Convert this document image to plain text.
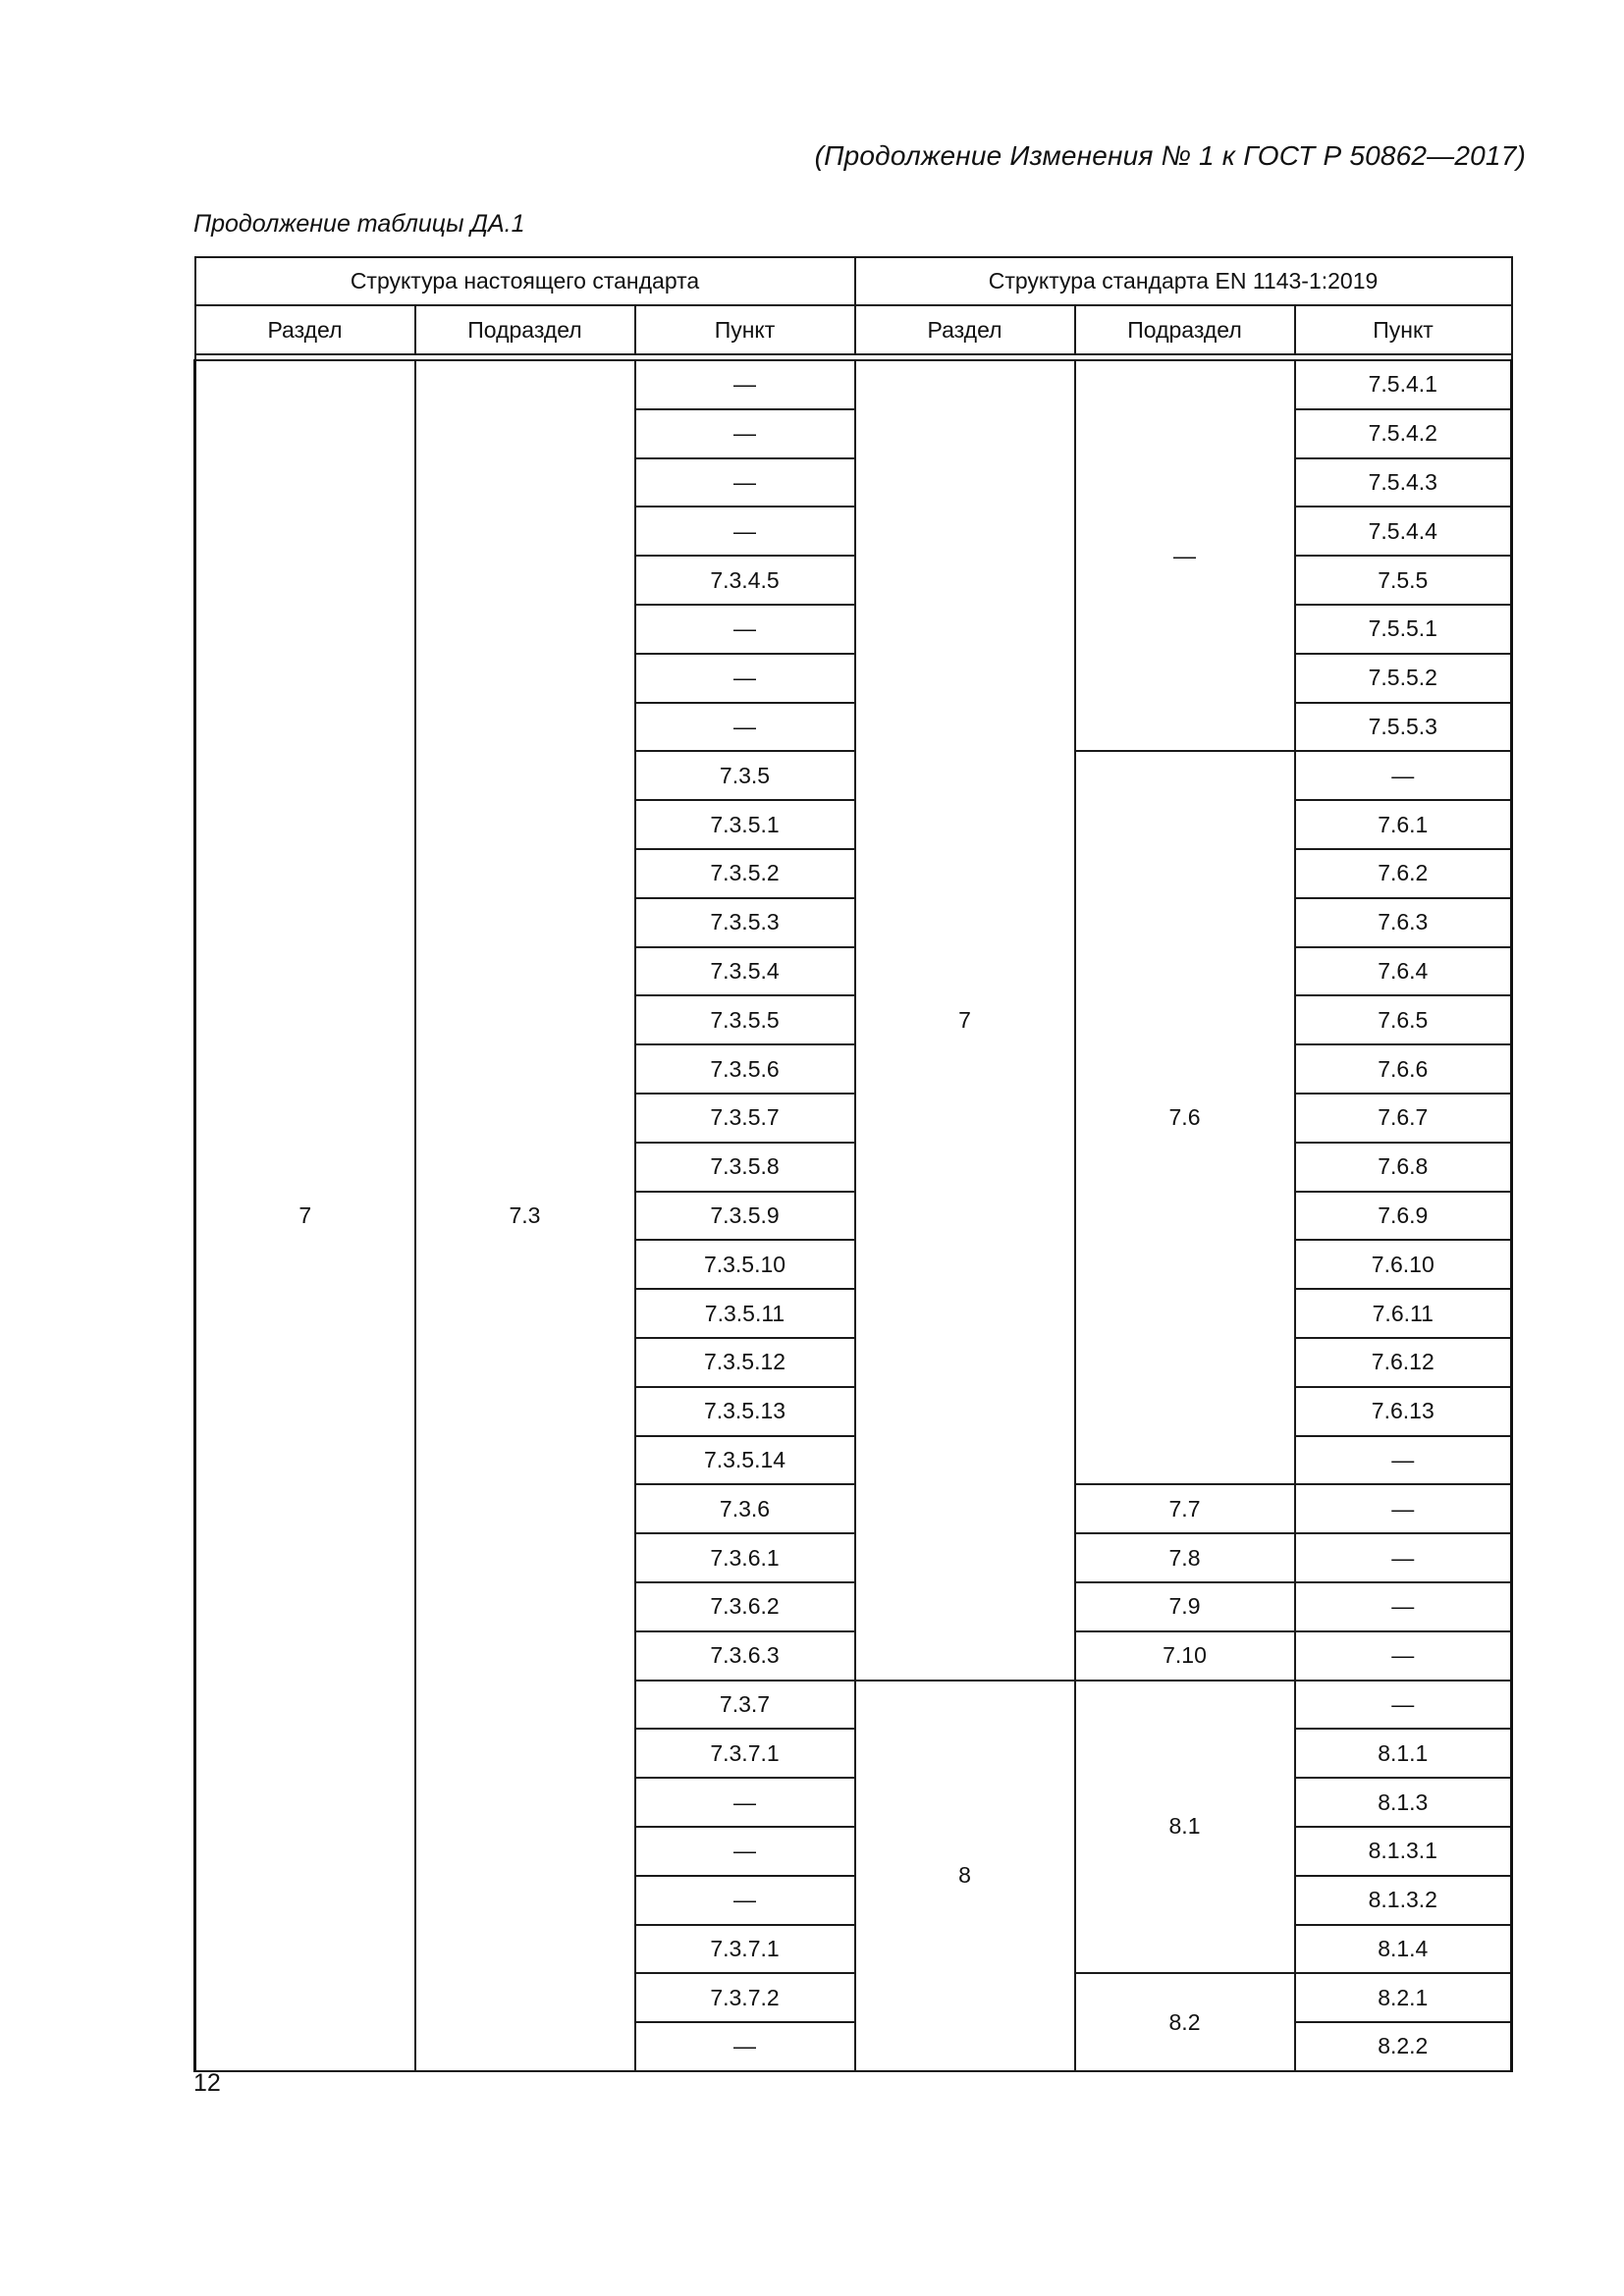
(Продолжение Изменения № 1 к ГОСТ Р 50862—2017)
Продолжение таблицы ДА.1
Структура настоящего стандарта			Структура стандарта EN 1143-1:2019		
Раздел	Подраздел	Пункт	Раздел	Подраздел	Пункт

7	7.3	—	7	—	7.5.4.1
		—			7.5.4.2
		—			7.5.4.3
		—			7.5.4.4
		7.3.4.5			7.5.5
		—			7.5.5.1
		—			7.5.5.2
		—			7.5.5.3
		7.3.5		7.6	—
		7.3.5.1			7.6.1
		7.3.5.2			7.6.2
		7.3.5.3			7.6.3
		7.3.5.4			7.6.4
		7.3.5.5			7.6.5
		7.3.5.6			7.6.6
		7.3.5.7			7.6.7
		7.3.5.8			7.6.8
		7.3.5.9			7.6.9
		7.3.5.10			7.6.10
		7.3.5.11			7.6.11
		7.3.5.12			7.6.12
		7.3.5.13			7.6.13
		7.3.5.14			—
		7.3.6		7.7	—
		7.3.6.1		7.8	—
		7.3.6.2		7.9	—
		7.3.6.3		7.10	—
		7.3.7	8	8.1	—
		7.3.7.1			8.1.1
		—			8.1.3
		—			8.1.3.1
		—			8.1.3.2
		7.3.7.1			8.1.4
		7.3.7.2		8.2	8.2.1
		—			8.2.2
12
